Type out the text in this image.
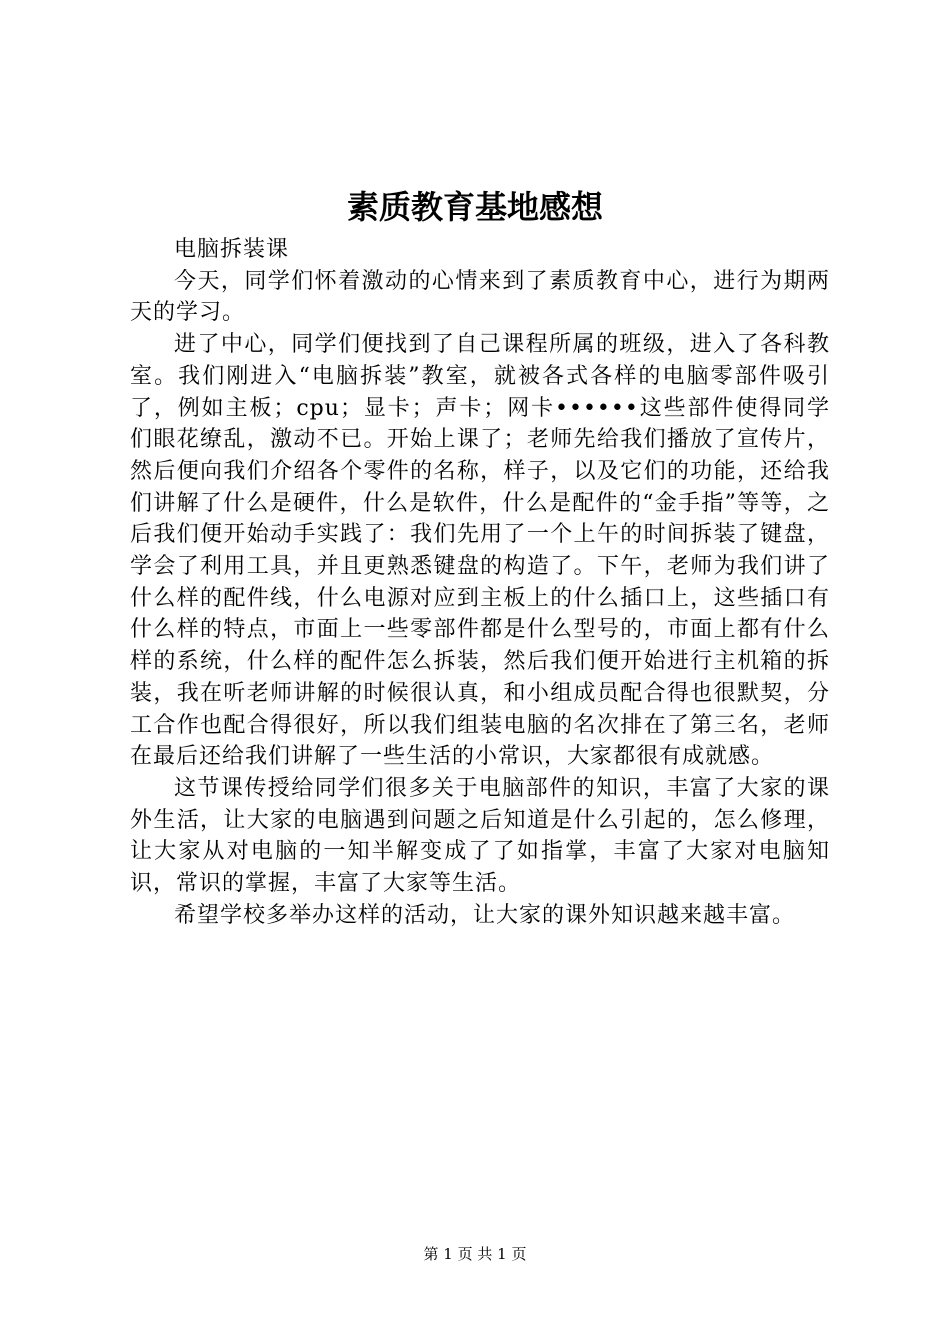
素质教育基地感想

电脑拆装课

今天，同学们怀着激动的心情来到了素质教育中心，进行为期两天的学习。

进了中心，同学们便找到了自己课程所属的班级，进入了各科教室。我们刚进入“电脑拆装”教室，就被各式各样的电脑零部件吸引了，例如主板；cpu；显卡；声卡；网卡••••••这些部件使得同学们眼花缭乱，激动不已。开始上课了；老师先给我们播放了宣传片，然后便向我们介绍各个零件的名称，样子，以及它们的功能，还给我们讲解了什么是硬件，什么是软件，什么是配件的“金手指”等等，之后我们便开始动手实践了：我们先用了一个上午的时间拆装了键盘，学会了利用工具，并且更熟悉键盘的构造了。下午，老师为我们讲了什么样的配件线，什么电源对应到主板上的什么插口上，这些插口有什么样的特点，市面上一些零部件都是什么型号的，市面上都有什么样的系统，什么样的配件怎么拆装，然后我们便开始进行主机箱的拆装，我在听老师讲解的时候很认真，和小组成员配合得也很默契，分工合作也配合得很好，所以我们组装电脑的名次排在了第三名，老师在最后还给我们讲解了一些生活的小常识，大家都很有成就感。

这节课传授给同学们很多关于电脑部件的知识，丰富了大家的课外生活，让大家的电脑遇到问题之后知道是什么引起的，怎么修理，让大家从对电脑的一知半解变成了了如指掌，丰富了大家对电脑知识，常识的掌握，丰富了大家等生活。

希望学校多举办这样的活动，让大家的课外知识越来越丰富。

第 1 页 共 1 页
